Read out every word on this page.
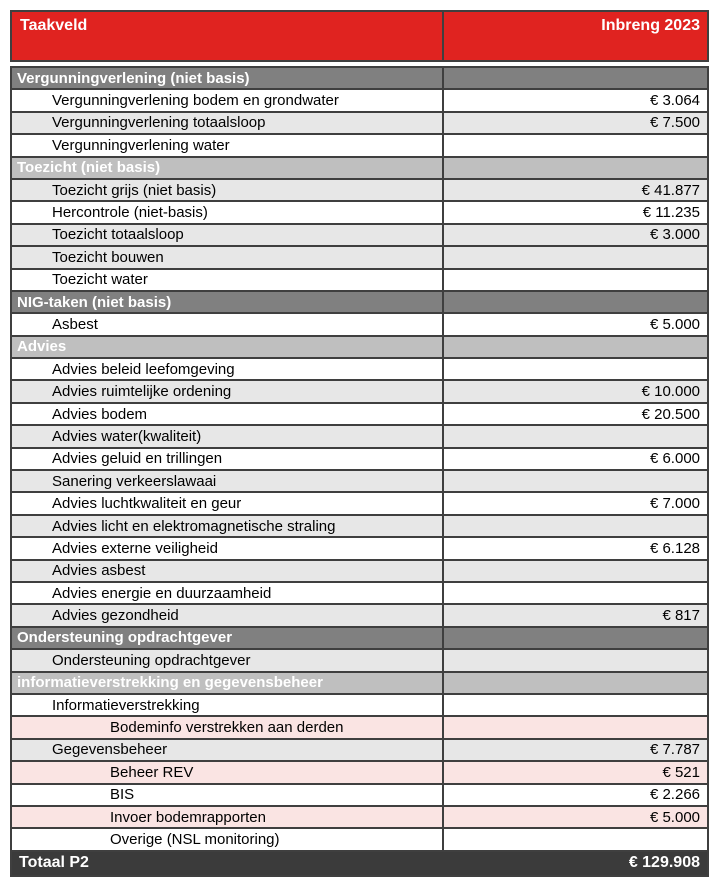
Taakveld	Inbreng 2023
Vergunningverlening (niet basis)
Vergunningverlening bodem en grondwater	€ 3.064
Vergunningverlening totaalsloop	€ 7.500
Vergunningverlening water
Toezicht (niet basis)
Toezicht grijs (niet basis)	€ 41.877
Hercontrole (niet-basis)	€ 11.235
Toezicht totaalsloop	€ 3.000
Toezicht bouwen
Toezicht water
NIG-taken (niet basis)
Asbest	€ 5.000
Advies
Advies beleid leefomgeving
Advies ruimtelijke ordening	€ 10.000
Advies bodem	€ 20.500
Advies water(kwaliteit)
Advies geluid en trillingen	€ 6.000
Sanering verkeerslawaai
Advies luchtkwaliteit en geur	€ 7.000
Advies licht en elektromagnetische straling
Advies externe veiligheid	€ 6.128
Advies asbest
Advies energie en duurzaamheid
Advies gezondheid	€ 817
Ondersteuning opdrachtgever
Ondersteuning opdrachtgever
informatieverstrekking en gegevensbeheer
Informatieverstrekking
Bodeminfo verstrekken aan derden
Gegevensbeheer	€ 7.787
Beheer REV	€ 521
BIS	€ 2.266
Invoer bodemrapporten	€ 5.000
Overige (NSL monitoring)
Totaal P2	€ 129.908
